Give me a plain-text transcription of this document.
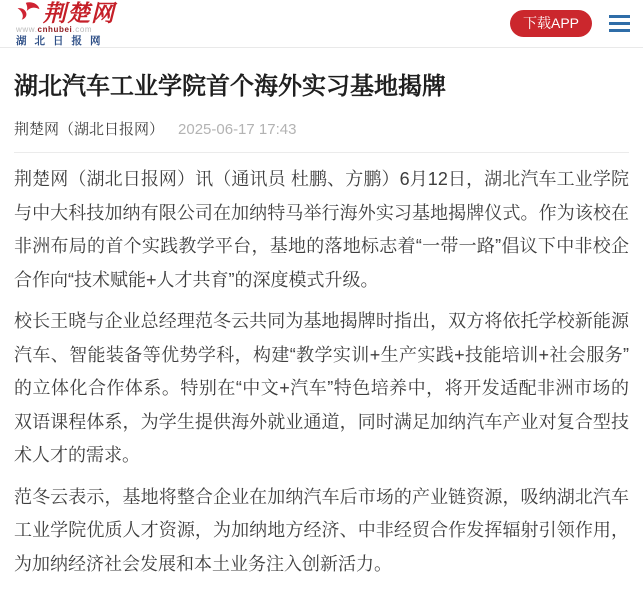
荆楚网
www.cnhubei.com
湖北日报网
下载APP
湖北汽车工业学院首个海外实习基地揭牌
荆楚网（湖北日报网） 2025-06-17 17:43

荆楚网（湖北日报网）讯（通讯员 杜鹏、方鹏）6月12日，湖北汽车工业学院与中大科技加纳有限公司在加纳特马举行海外实习基地揭牌仪式。作为该校在非洲布局的首个实践教学平台，基地的落地标志着“一带一路”倡议下中非校企合作向“技术赋能+人才共育”的深度模式升级。

校长王晓与企业总经理范冬云共同为基地揭牌时指出，双方将依托学校新能源汽车、智能装备等优势学科，构建“教学实训+生产实践+技能培训+社会服务”的立体化合作体系。特别在“中文+汽车”特色培养中，将开发适配非洲市场的双语课程体系，为学生提供海外就业通道，同时满足加纳汽车产业对复合型技术人才的需求。

范冬云表示，基地将整合企业在加纳汽车后市场的产业链资源，吸纳湖北汽车工业学院优质人才资源，为加纳地方经济、中非经贸合作发挥辐射引领作用，为加纳经济社会发展和本土业务注入创新活力。
